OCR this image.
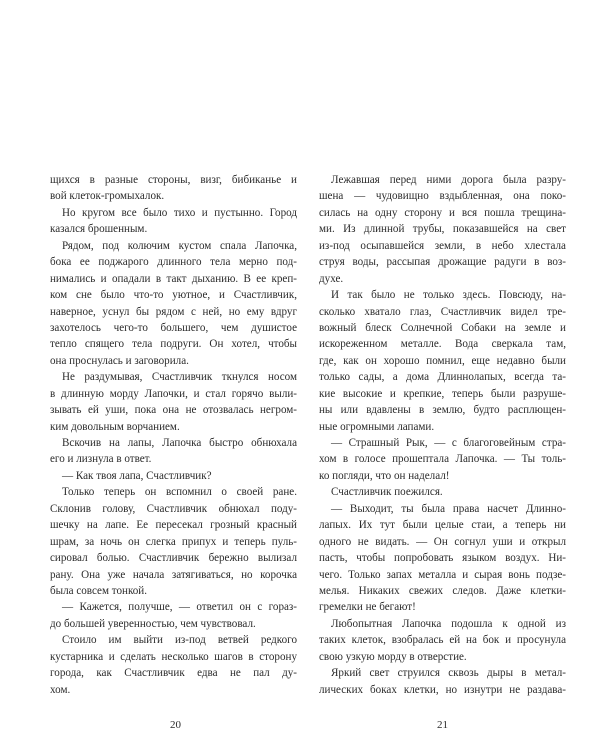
щихся в разные стороны, визг, бибиканье и
вой клеток-громыхалок.
Но кругом все было тихо и пустынно. Город
казался брошенным.
Рядом, под колючим кустом спала Лапочка,
бока ее поджарого длинного тела мерно под-
нимались и опадали в такт дыханию. В ее креп-
ком сне было что-то уютное, и Счастливчик,
наверное, уснул бы рядом с ней, но ему вдруг
захотелось чего-то большего, чем душистое
тепло спящего тела подруги. Он хотел, чтобы
она проснулась и заговорила.
Не раздумывая, Счастливчик ткнулся носом
в длинную морду Лапочки, и стал горячо выли-
зывать ей уши, пока она не отозвалась негром-
ким довольным ворчанием.
Вскочив на лапы, Лапочка быстро обнюхала
его и лизнула в ответ.
— Как твоя лапа, Счастливчик?
Только теперь он вспомнил о своей ране.
Склонив голову, Счастливчик обнюхал поду-
шечку на лапе. Ее пересекал грозный красный
шрам, за ночь он слегка припух и теперь пуль-
сировал болью. Счастливчик бережно вылизал
рану. Она уже начала затягиваться, но корочка
была совсем тонкой.
— Кажется, получше, — ответил он с гораз-
до большей уверенностью, чем чувствовал.
Стоило им выйти из-под ветвей редкого
кустарника и сделать несколько шагов в сторону
города, как Счастливчик едва не пал ду-
хом.
20
Лежавшая перед ними дорога была разру-
шена — чудовищно вздыбленная, она поко-
силась на одну сторону и вся пошла трещина-
ми. Из длинной трубы, показавшейся на свет
из-под осыпавшейся земли, в небо хлестала
струя воды, рассыпая дрожащие радуги в воз-
духе.
И так было не только здесь. Повсюду, на-
сколько хватало глаз, Счастливчик видел тре-
вожный блеск Солнечной Собаки на земле и
искореженном металле. Вода сверкала там,
где, как он хорошо помнил, еще недавно были
только сады, а дома Длиннолапых, всегда та-
кие высокие и крепкие, теперь были разруше-
ны или вдавлены в землю, будто расплющен-
ные огромными лапами.
— Страшный Рык, — с благоговейным стра-
хом в голосе прошептала Лапочка. — Ты толь-
ко погляди, что он наделал!
Счастливчик поежился.
— Выходит, ты была права насчет Длинно-
лапых. Их тут были целые стаи, а теперь ни
одного не видать. — Он согнул уши и открыл
пасть, чтобы попробовать языком воздух. Ни-
чего. Только запах металла и сырая вонь подзе-
мелья. Никаких свежих следов. Даже клетки-
гремелки не бегают!
Любопытная Лапочка подошла к одной из
таких клеток, взобралась ей на бок и просунула
свою узкую морду в отверстие.
Яркий свет струился сквозь дыры в метал-
лических боках клетки, но изнутри не раздава-
21
